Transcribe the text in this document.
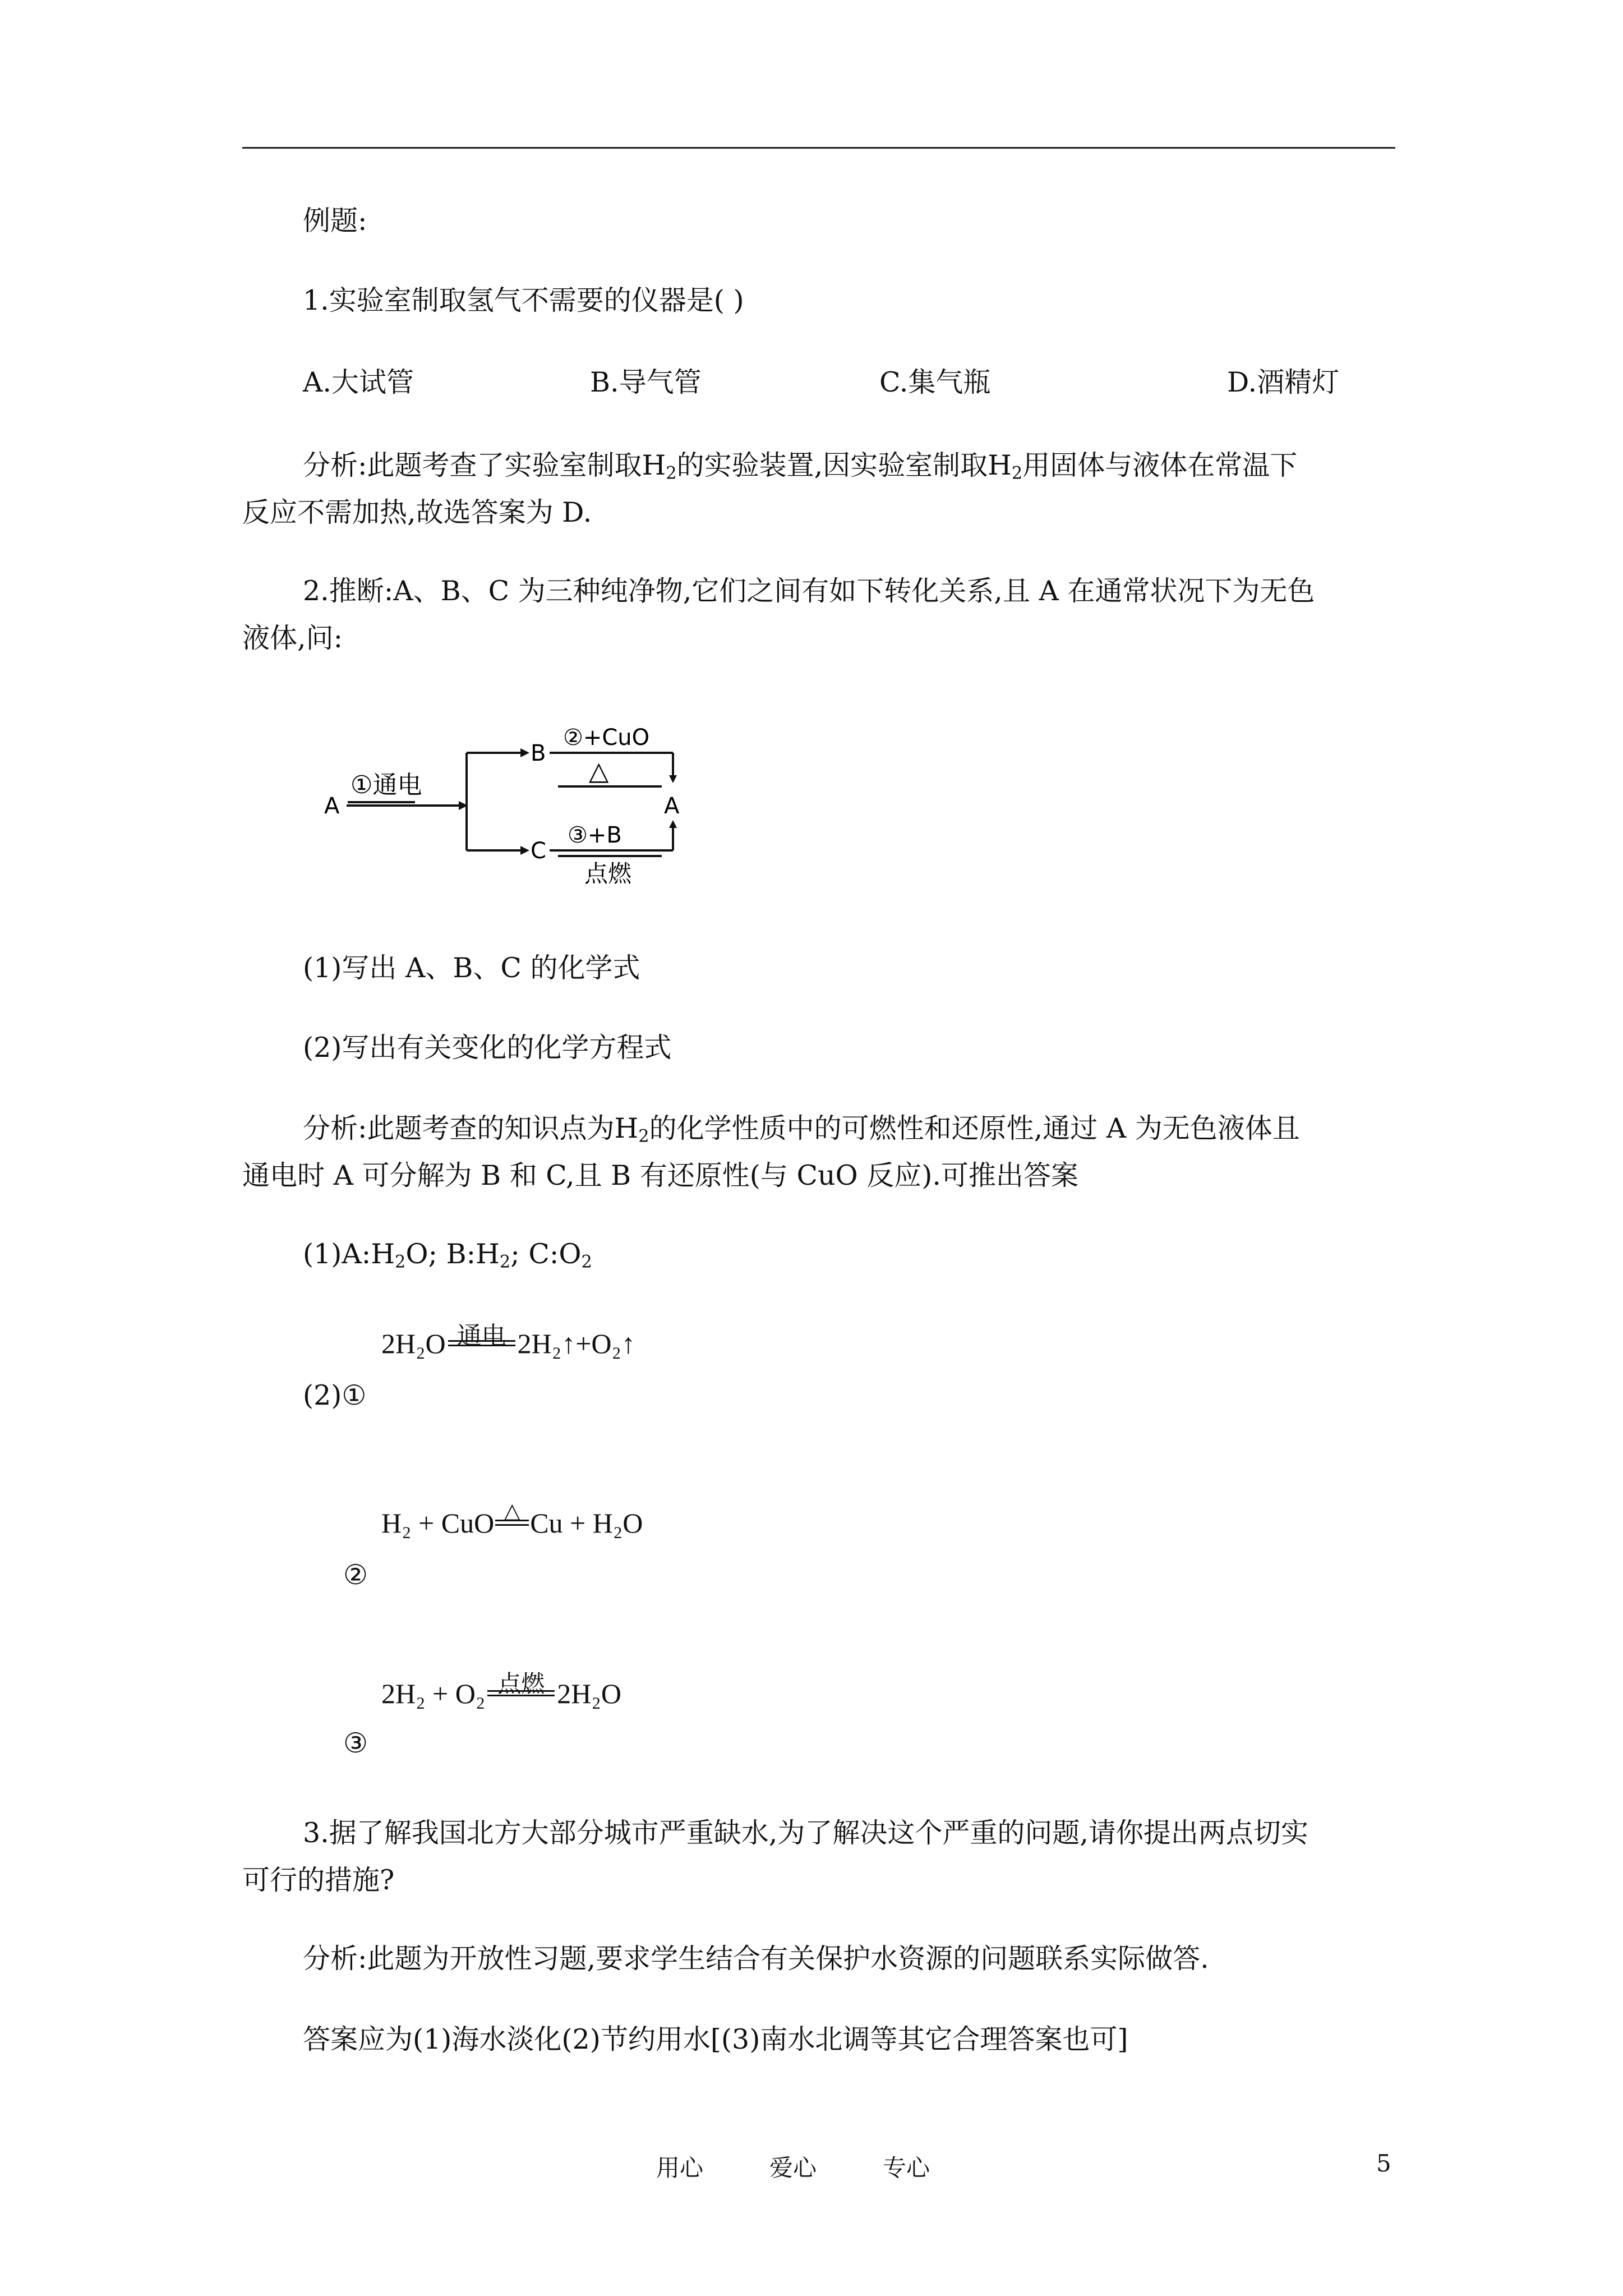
例题:
1.实验室制取氢气不需要的仪器是( )
A.大试管	B.导气管	C.集气瓶	D.酒精灯
分析:此题考查了实验室制取$H_2$的实验装置,因实验室制取$H_2$用固体与液体在常温下
反应不需加热,故选答案为 D.
2.推断:A、B、C 为三种纯净物,它们之间有如下转化关系,且 A 在通常状况下为无色
液体,问:
A
①通电
B
②+CuO
△
A
C
③+B
点燃
(1)写出 A、B、C 的化学式
(2)写出有关变化的化学方程式
分析:此题考查的知识点为$H_2$的化学性质中的可燃性和还原性,通过 A 为无色液体且
通电时 A 可分解为 B 和 C,且 B 有还原性(与 CuO 反应).可推出答案
$(1)A:H_2O$; $B:H_2$; $C:O_2$
2H₂O 通电 2H₂↑+O₂↑
(2)①
H₂ + CuO △ Cu + H₂O
②
2H₂ + O₂ 点燃 2H₂O
③
3.据了解我国北方大部分城市严重缺水,为了解决这个严重的问题,请你提出两点切实
可行的措施?
分析:此题为开放性习题,要求学生结合有关保护水资源的问题联系实际做答.
答案应为(1)海水淡化(2)节约用水[(3)南水北调等其它合理答案也可]
用心	爱心	专心	5
